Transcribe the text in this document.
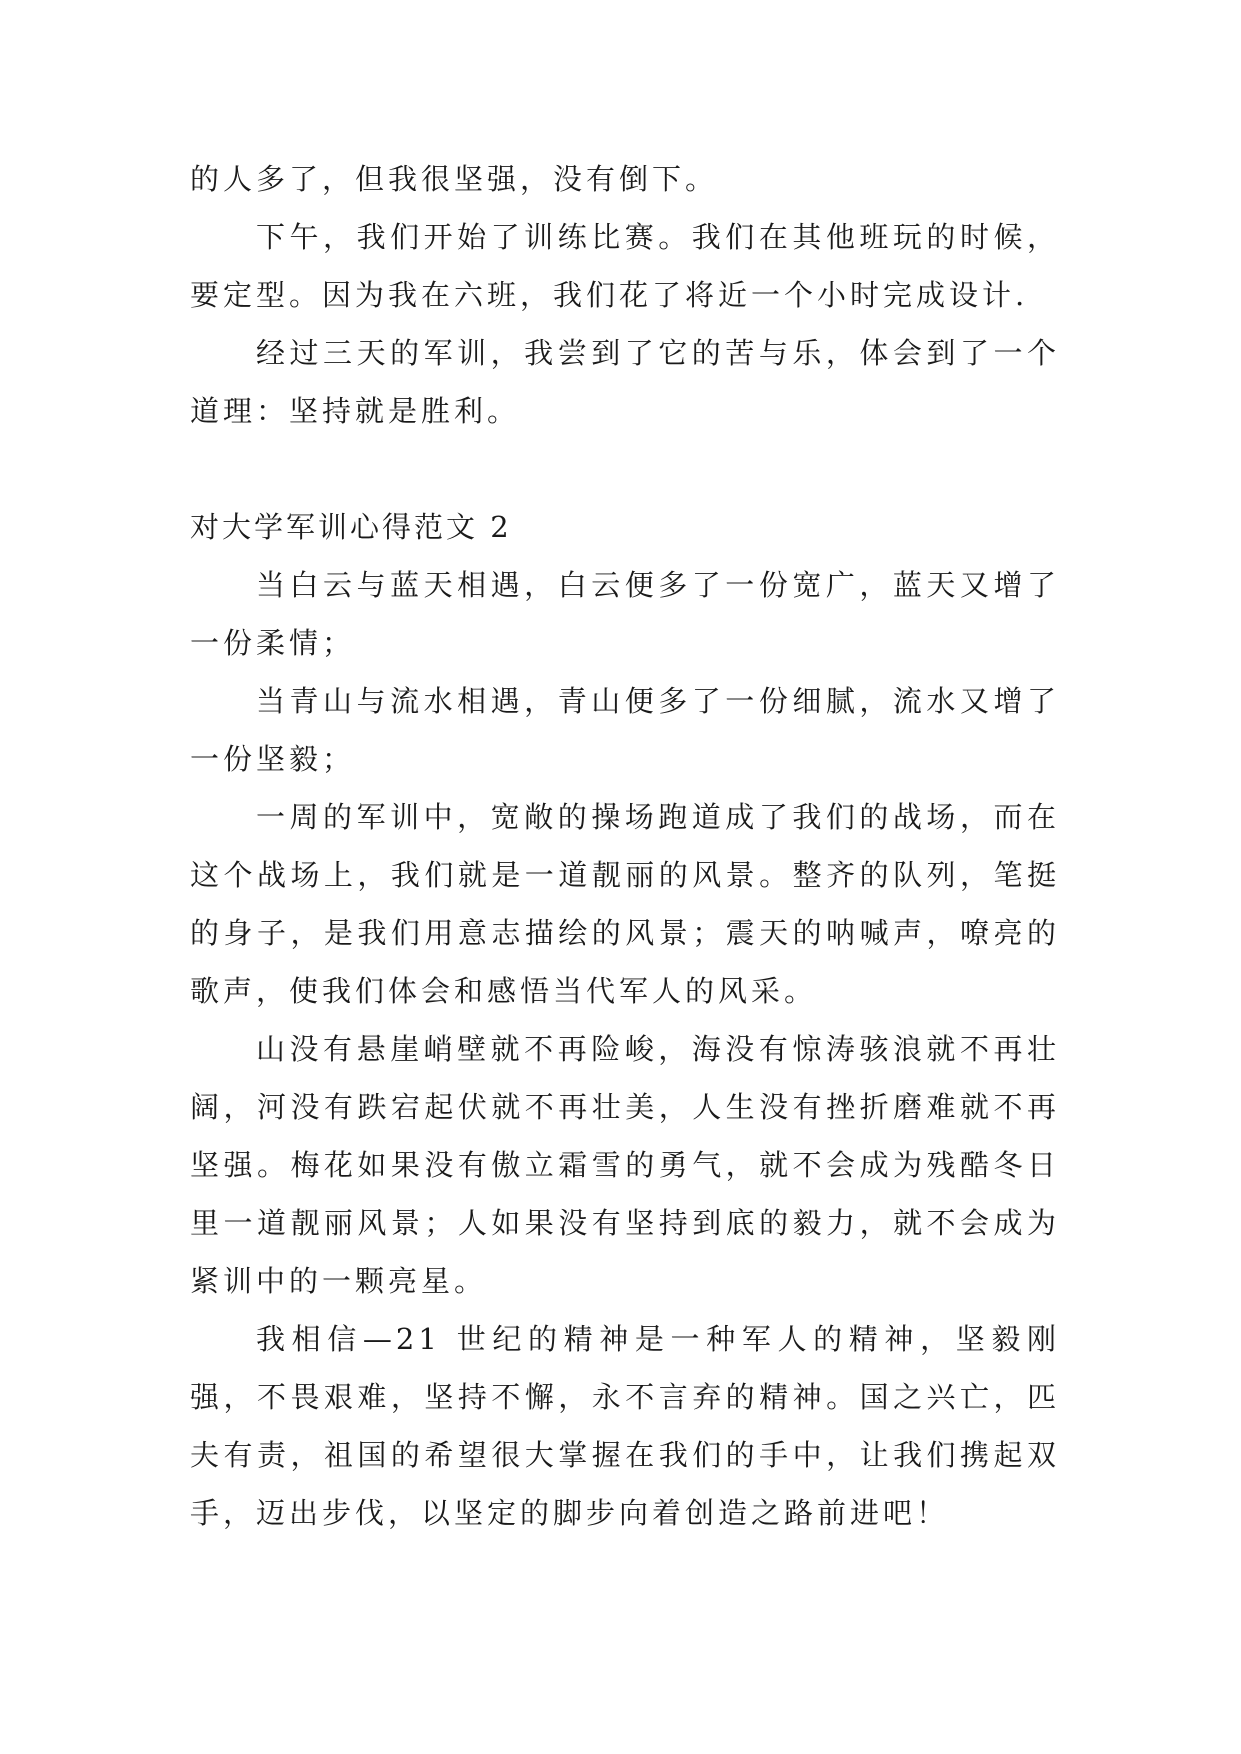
的人多了，但我很坚强，没有倒下。

下午，我们开始了训练比赛。我们在其他班玩的时候，要定型。因为我在六班，我们花了将近一个小时完成设计.

经过三天的军训，我尝到了它的苦与乐，体会到了一个道理：坚持就是胜利。

对大学军训心得范文 2

当白云与蓝天相遇，白云便多了一份宽广，蓝天又增了一份柔情；

当青山与流水相遇，青山便多了一份细腻，流水又增了一份坚毅；

一周的军训中，宽敞的操场跑道成了我们的战场，而在这个战场上，我们就是一道靓丽的风景。整齐的队列，笔挺的身子，是我们用意志描绘的风景；震天的呐喊声，嘹亮的歌声，使我们体会和感悟当代军人的风采。

山没有悬崖峭壁就不再险峻，海没有惊涛骇浪就不再壮阔，河没有跌宕起伏就不再壮美，人生没有挫折磨难就不再坚强。梅花如果没有傲立霜雪的勇气，就不会成为残酷冬日里一道靓丽风景；人如果没有坚持到底的毅力，就不会成为紧训中的一颗亮星。

我相信—21 世纪的精神是一种军人的精神，坚毅刚强，不畏艰难，坚持不懈，永不言弃的精神。国之兴亡，匹夫有责，祖国的希望很大掌握在我们的手中，让我们携起双手，迈出步伐，以坚定的脚步向着创造之路前进吧！
